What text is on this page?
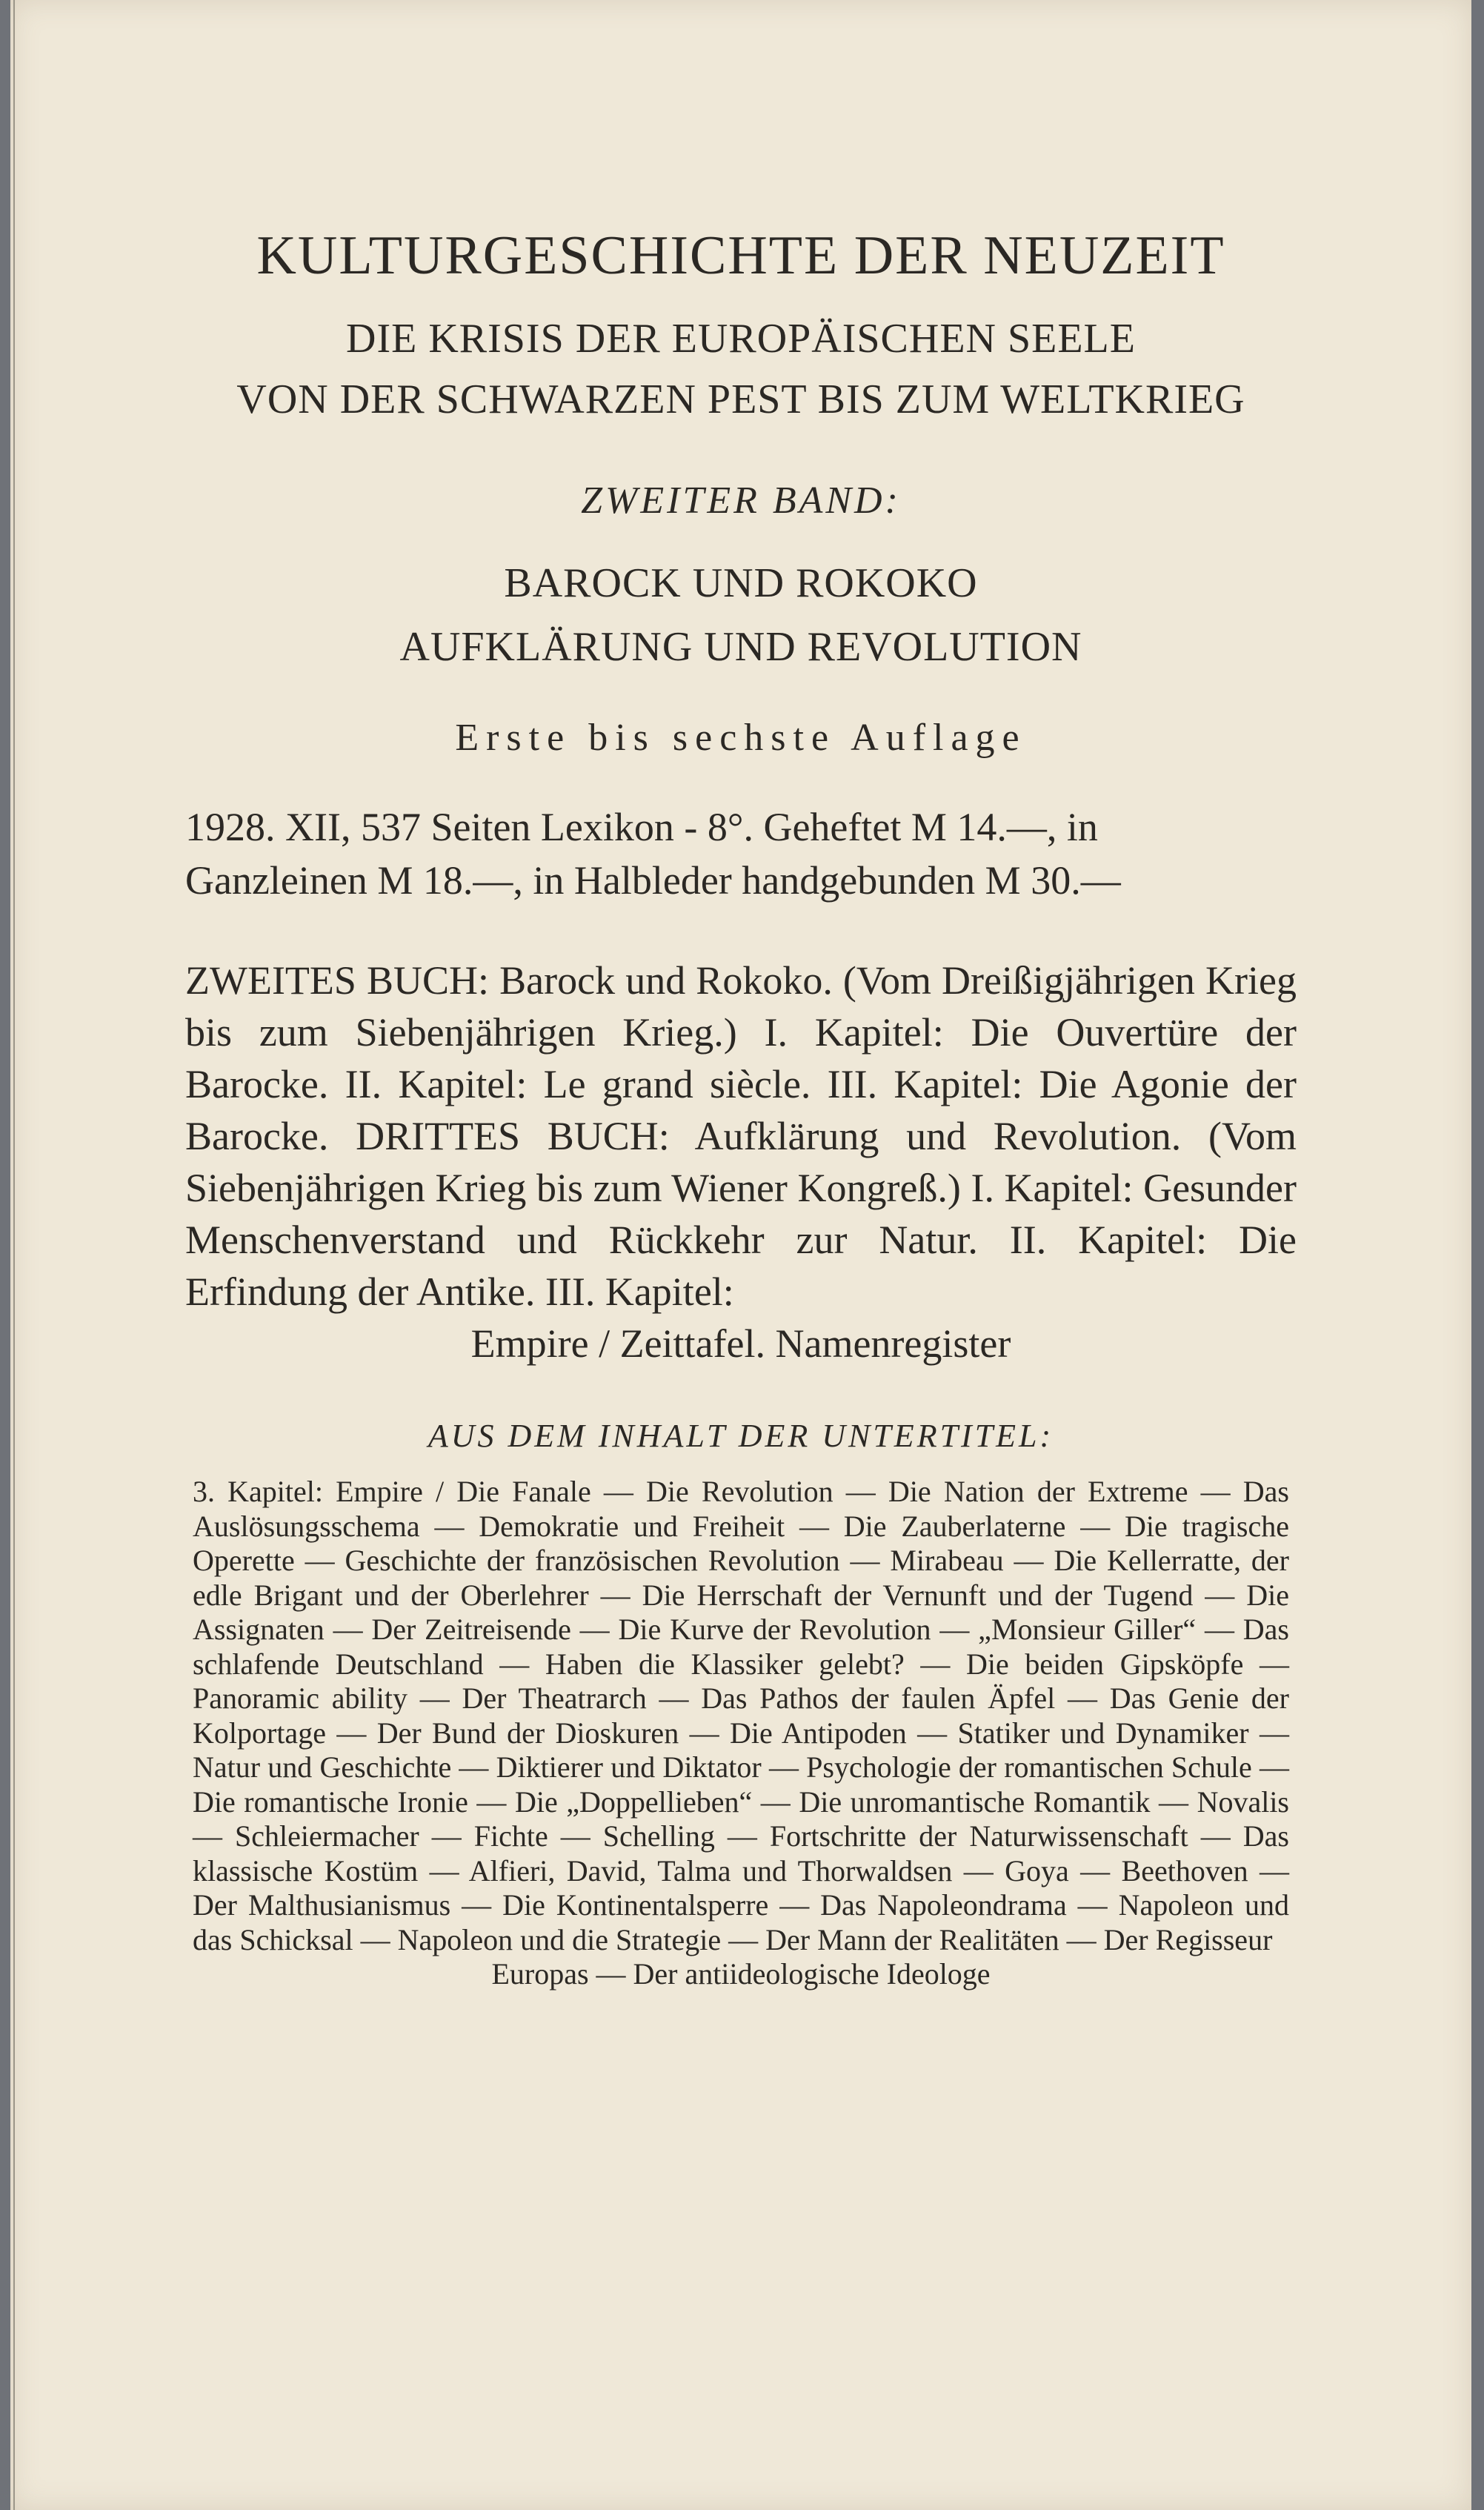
KULTURGESCHICHTE DER NEUZEIT
DIE KRISIS DER EUROPÄISCHEN SEELE
VON DER SCHWARZEN PEST BIS ZUM WELTKRIEG
ZWEITER BAND:
BAROCK UND ROKOKO
AUFKLÄRUNG UND REVOLUTION
Erste bis sechste Auflage
1928. XII, 537 Seiten Lexikon - 8°. Geheftet M 14.—, in
Ganzleinen M 18.—, in Halbleder handgebunden M 30.—
ZWEITES BUCH: Barock und Rokoko. (Vom Dreißigjährigen Krieg bis zum Siebenjährigen Krieg.) I. Kapitel: Die Ouvertüre der Barocke. II. Kapitel: Le grand siècle. III. Kapitel: Die Agonie der Barocke. DRITTES BUCH: Aufklärung und Revolution. (Vom Siebenjährigen Krieg bis zum Wiener Kongreß.) I. Kapitel: Gesunder Menschenverstand und Rückkehr zur Natur. II. Kapitel: Die Erfindung der Antike. III. Kapitel:
Empire / Zeittafel. Namenregister
AUS DEM INHALT DER UNTERTITEL:
3. Kapitel: Empire / Die Fanale — Die Revolution — Die Nation der Extreme — Das Auslösungsschema — Demokratie und Freiheit — Die Zauberlaterne — Die tragische Operette — Geschichte der französischen Revolution — Mirabeau — Die Kellerratte, der edle Brigant und der Oberlehrer — Die Herrschaft der Vernunft und der Tugend — Die Assignaten — Der Zeitreisende — Die Kurve der Revolution — „Monsieur Giller“ — Das schlafende Deutschland — Haben die Klassiker gelebt? — Die beiden Gipsköpfe — Panoramic ability — Der Theatrarch — Das Pathos der faulen Äpfel — Das Genie der Kolportage — Der Bund der Dioskuren — Die Antipoden — Statiker und Dynamiker — Natur und Geschichte — Diktierer und Diktator — Psychologie der romantischen Schule — Die romantische Ironie — Die „Doppellieben“ — Die unromantische Romantik — Novalis — Schleiermacher — Fichte — Schelling — Fortschritte der Naturwissenschaft — Das klassische Kostüm — Alfieri, David, Talma und Thorwaldsen — Goya — Beethoven — Der Malthusianismus — Die Kontinentalsperre — Das Napoleondrama — Napoleon und das Schicksal — Napoleon und die Strategie — Der Mann der Realitäten — Der Regisseur
Europas — Der antiideologische Ideologe
